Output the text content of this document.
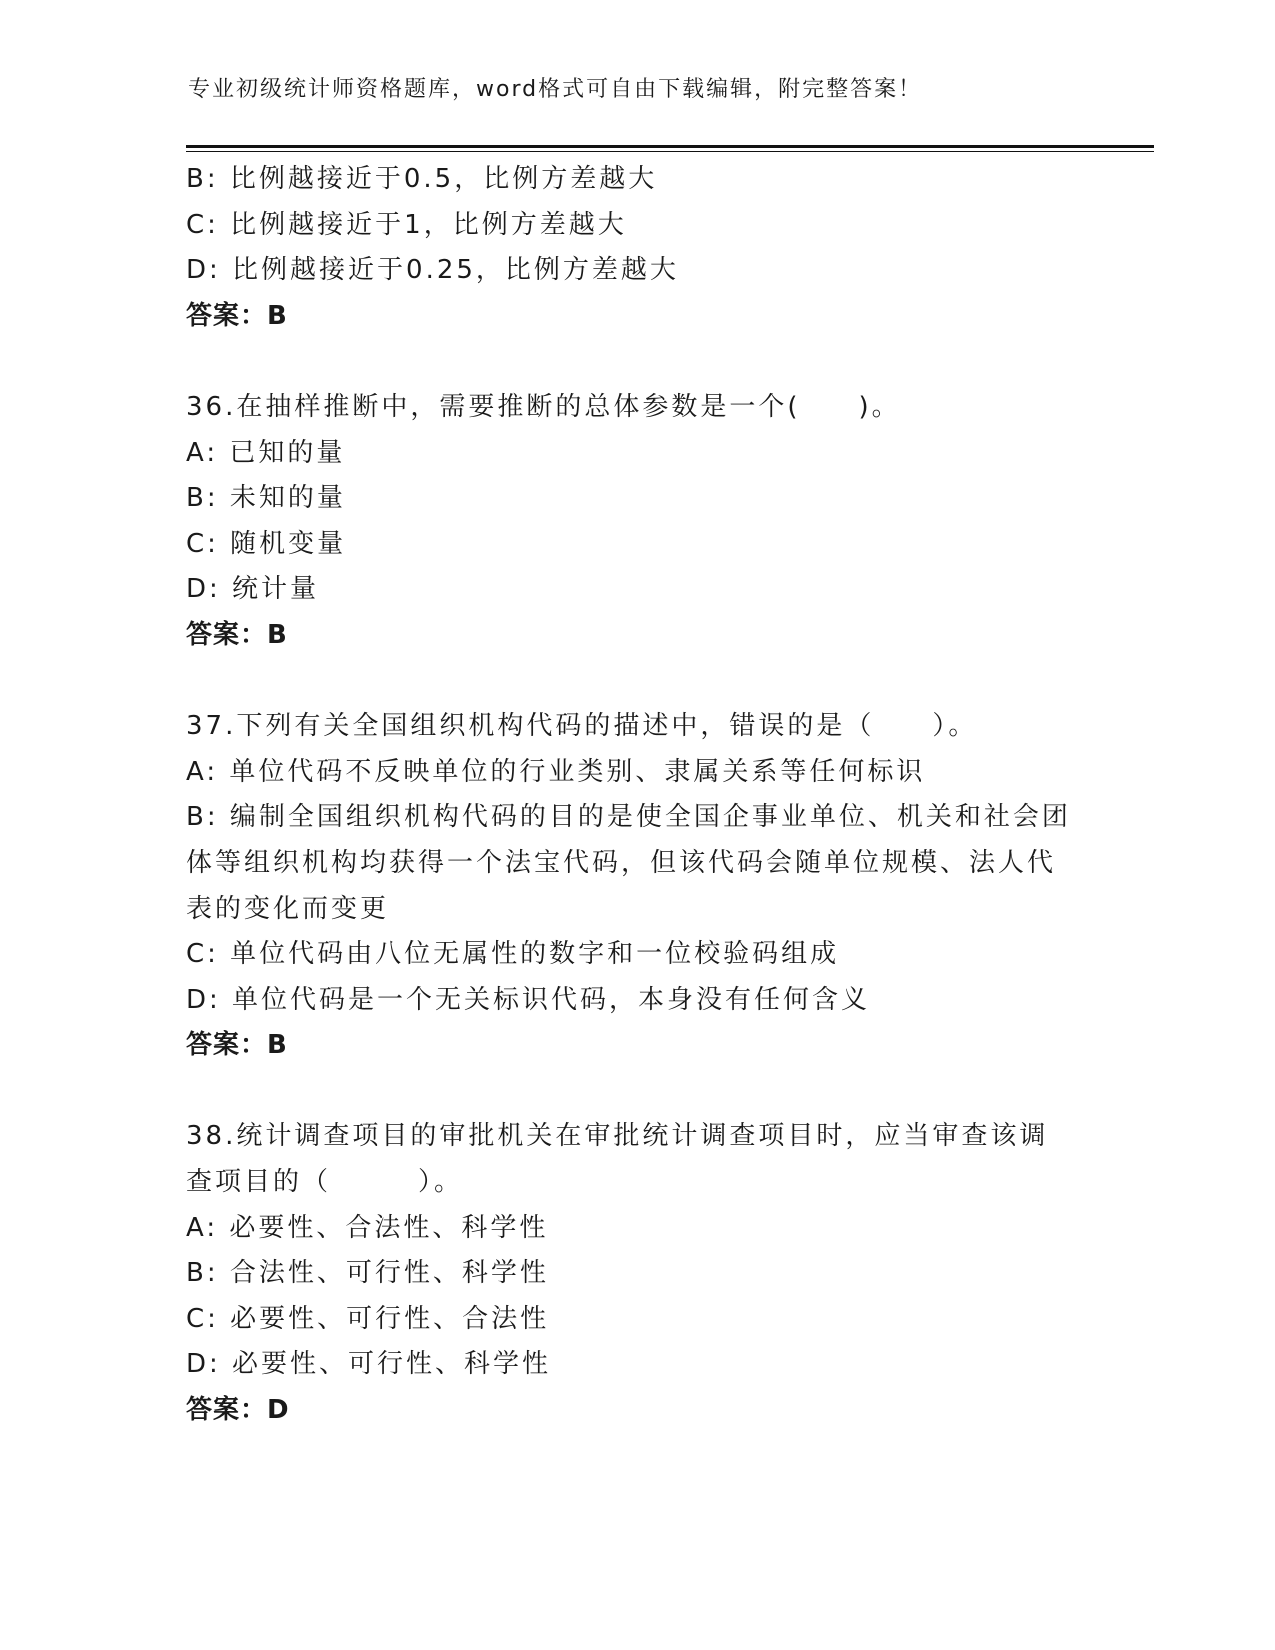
专业初级统计师资格题库，word格式可自由下载编辑，附完整答案！
B: 比例越接近于0.5，比例方差越大
C: 比例越接近于1，比例方差越大
D: 比例越接近于0.25，比例方差越大
答案：B
36.在抽样推断中，需要推断的总体参数是一个(　　)。
A: 已知的量
B: 未知的量
C: 随机变量
D: 统计量
答案：B
37.下列有关全国组织机构代码的描述中，错误的是（　　）。
A: 单位代码不反映单位的行业类别、隶属关系等任何标识
B: 编制全国组织机构代码的目的是使全国企事业单位、机关和社会团体等组织机构均获得一个法宝代码，但该代码会随单位规模、法人代表的变化而变更
C: 单位代码由八位无属性的数字和一位校验码组成
D: 单位代码是一个无关标识代码，本身没有任何含义
答案：B
38.统计调查项目的审批机关在审批统计调查项目时，应当审查该调查项目的（　　　）。
A: 必要性、合法性、科学性
B: 合法性、可行性、科学性
C: 必要性、可行性、合法性
D: 必要性、可行性、科学性
答案：D
